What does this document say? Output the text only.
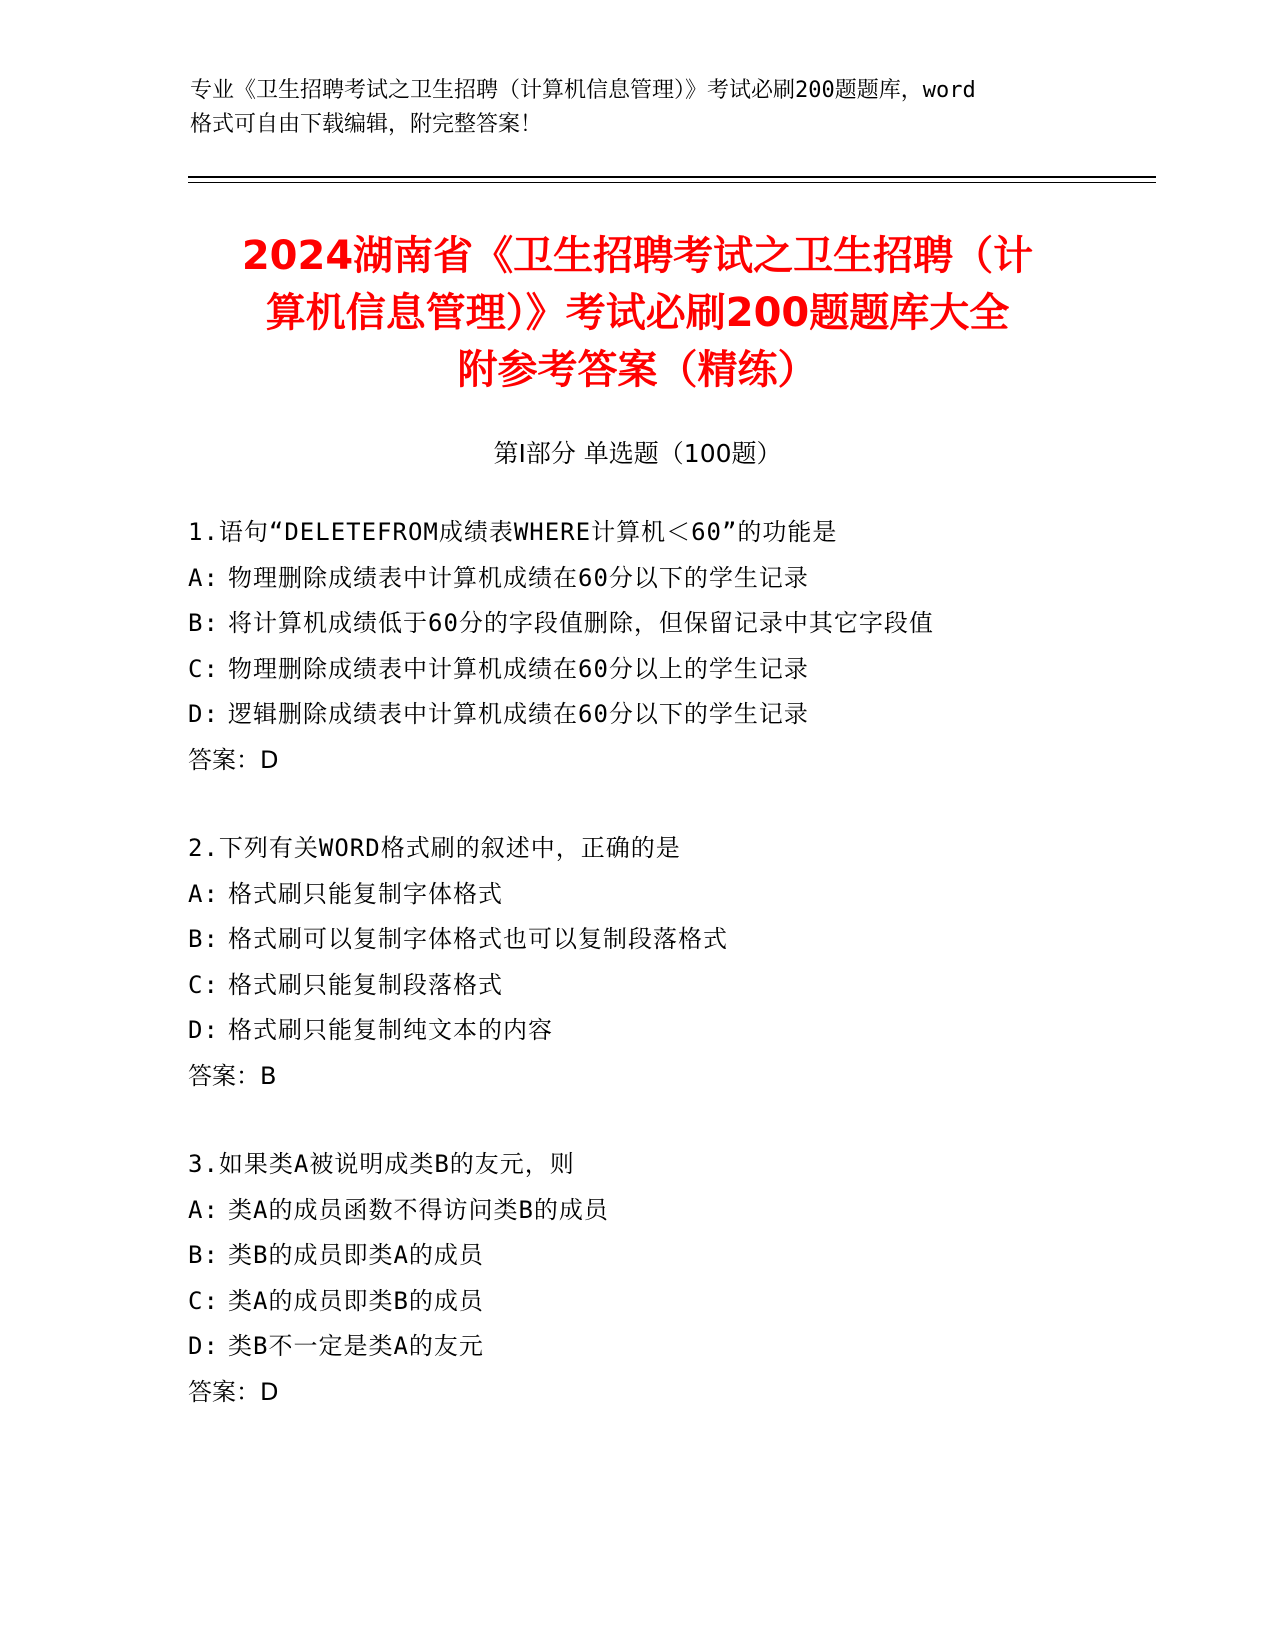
专业《卫生招聘考试之卫生招聘（计算机信息管理）》考试必刷200题题库，word
格式可自由下载编辑，附完整答案！
2024湖南省《卫生招聘考试之卫生招聘（计
算机信息管理）》考试必刷200题题库大全
附参考答案（精练）
第Ⅰ部分 单选题（100题）
1.语句“DELETEFROM成绩表WHERE计算机＜60”的功能是
A: 物理删除成绩表中计算机成绩在60分以下的学生记录
B: 将计算机成绩低于60分的字段值删除，但保留记录中其它字段值
C: 物理删除成绩表中计算机成绩在60分以上的学生记录
D: 逻辑删除成绩表中计算机成绩在60分以下的学生记录
答案：D
2.下列有关WORD格式刷的叙述中，正确的是
A: 格式刷只能复制字体格式
B: 格式刷可以复制字体格式也可以复制段落格式
C: 格式刷只能复制段落格式
D: 格式刷只能复制纯文本的内容
答案：B
3.如果类A被说明成类B的友元，则
A: 类A的成员函数不得访问类B的成员
B: 类B的成员即类A的成员
C: 类A的成员即类B的成员
D: 类B不一定是类A的友元
答案：D
